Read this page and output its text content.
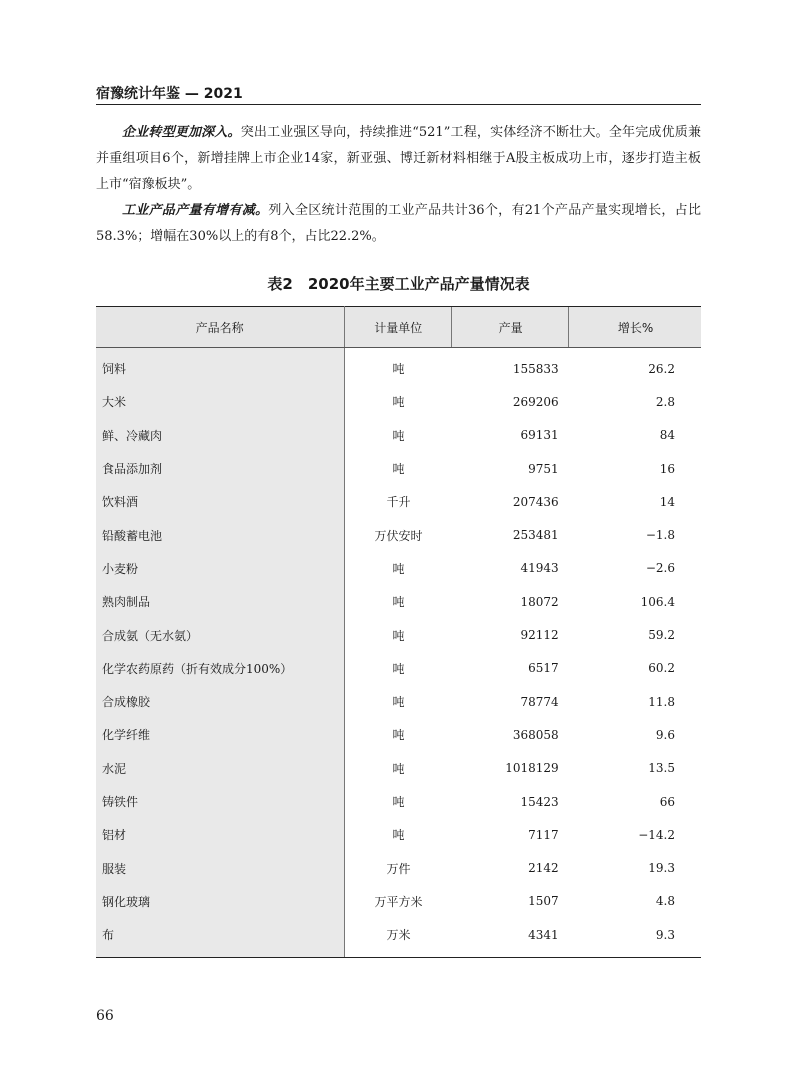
宿豫统计年鉴 — 2021

企业转型更加深入。突出工业强区导向，持续推进“521”工程，实体经济不断壮大。全年完成优质兼并重组项目6个，新增挂牌上市企业14家，新亚强、博迁新材料相继于A股主板成功上市，逐步打造主板上市“宿豫板块”。

工业产品产量有增有减。列入全区统计范围的工业产品共计36个，有21个产品产量实现增长，占比58.3%；增幅在30%以上的有8个，占比22.2%。

表2　2020年主要工业产品产量情况表
产品名称	计量单位	产量	增长%
饲料	吨	155833	26.2
大米	吨	269206	2.8
鲜、冷藏肉	吨	69131	84
食品添加剂	吨	9751	16
饮料酒	千升	207436	14
铅酸蓄电池	万伏安时	253481	−1.8
小麦粉	吨	41943	−2.6
熟肉制品	吨	18072	106.4
合成氨（无水氨）	吨	92112	59.2
化学农药原药（折有效成分100%）	吨	6517	60.2
合成橡胶	吨	78774	11.8
化学纤维	吨	368058	9.6
水泥	吨	1018129	13.5
铸铁件	吨	15423	66
铝材	吨	7117	−14.2
服装	万件	2142	19.3
钢化玻璃	万平方米	1507	4.8
布	万米	4341	9.3
66
